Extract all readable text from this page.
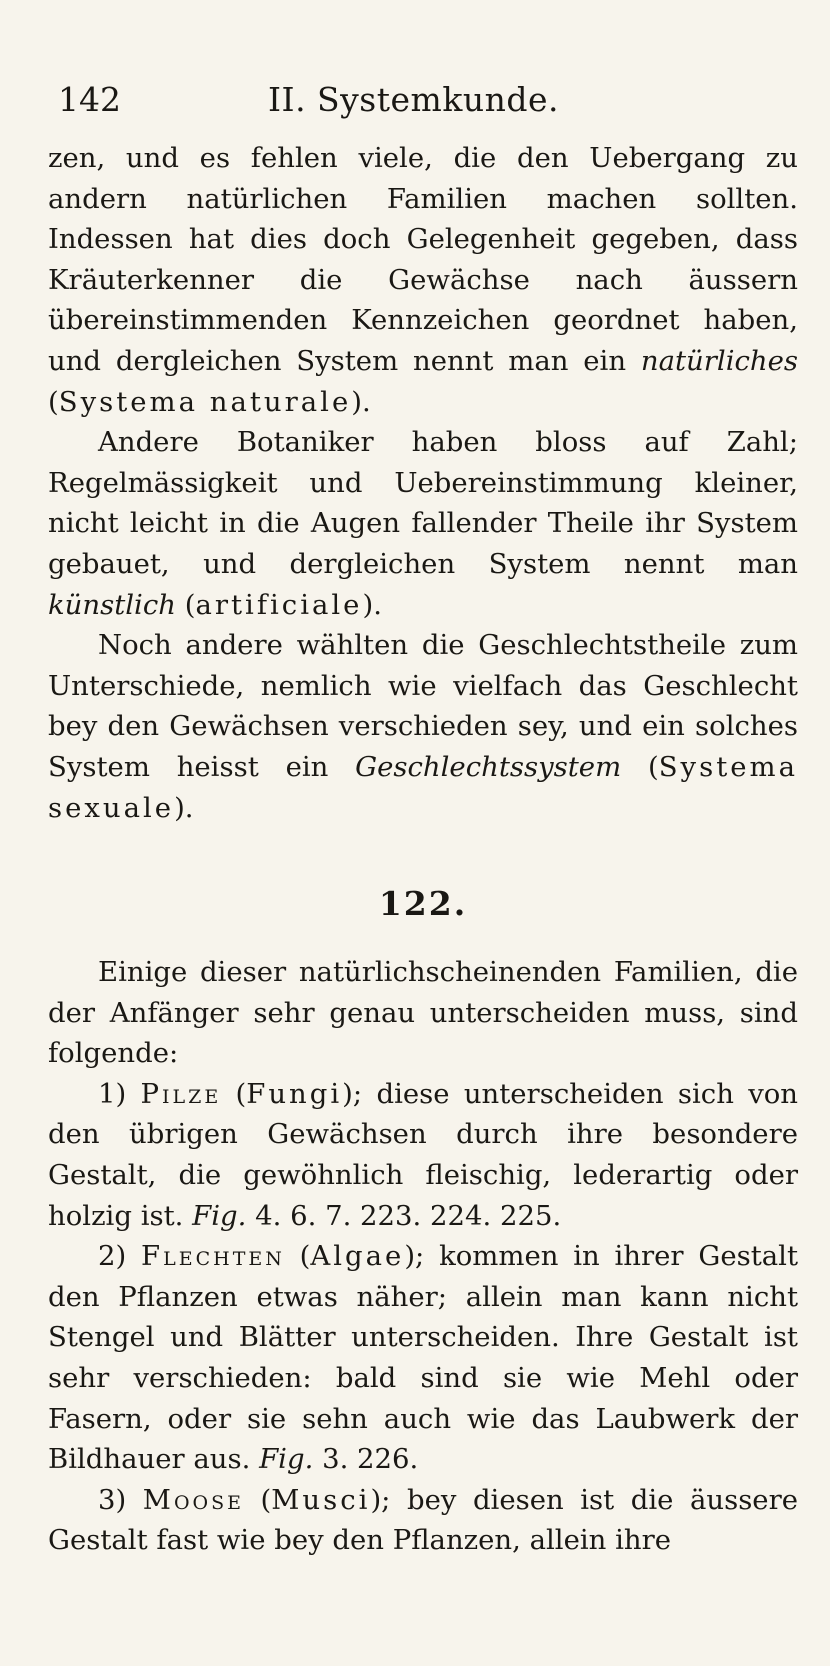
142	II. Systemkunde.

zen, und es fehlen viele, die den Uebergang zu andern natürlichen Familien machen sollten. Indessen hat dies doch Gelegenheit gegeben, dass Kräuterkenner die Gewächse nach äussern übereinstimmenden Kennzeichen geordnet haben, und dergleichen System nennt man ein natürliches (Systema naturale).

Andere Botaniker haben bloss auf Zahl; Regelmässigkeit und Uebereinstimmung kleiner, nicht leicht in die Augen fallender Theile ihr System gebauet, und dergleichen System nennt man künstlich (artificiale).

Noch andere wählten die Geschlechtstheile zum Unterschiede, nemlich wie vielfach das Geschlecht bey den Gewächsen verschieden sey, und ein solches System heisst ein Geschlechtssystem (Systema sexuale).

122.

Einige dieser natürlichscheinenden Familien, die der Anfänger sehr genau unterscheiden muss, sind folgende:

1) Pilze (Fungi); diese unterscheiden sich von den übrigen Gewächsen durch ihre besondere Gestalt, die gewöhnlich fleischig, lederartig oder holzig ist. Fig. 4. 6. 7. 223. 224. 225.

2) Flechten (Algae); kommen in ihrer Gestalt den Pflanzen etwas näher; allein man kann nicht Stengel und Blätter unterscheiden. Ihre Gestalt ist sehr verschieden: bald sind sie wie Mehl oder Fasern, oder sie sehn auch wie das Laubwerk der Bildhauer aus. Fig. 3. 226.

3) Moose (Musci); bey diesen ist die äussere Gestalt fast wie bey den Pflanzen, allein ihre
